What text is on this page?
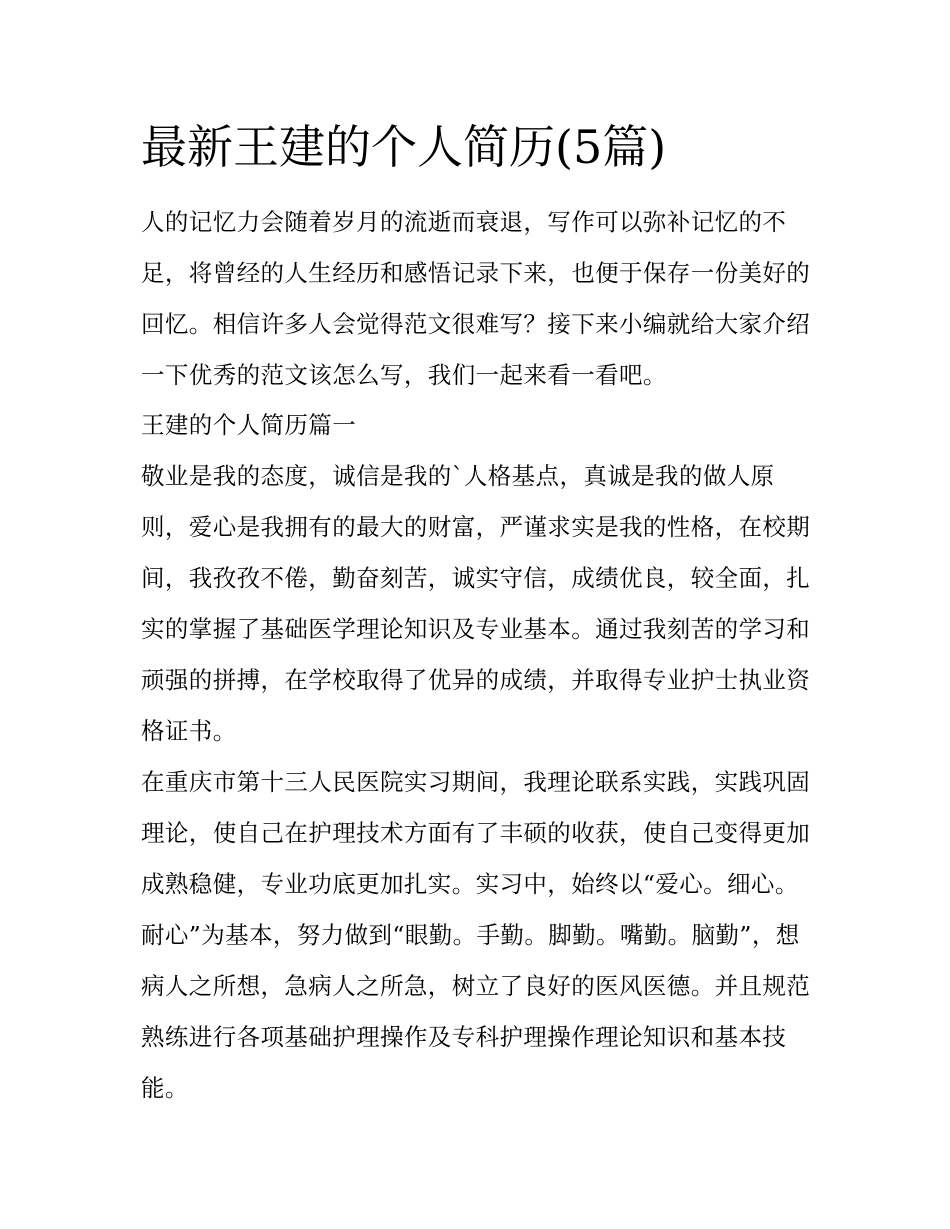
最新王建的个人简历(5篇)

人的记忆力会随着岁月的流逝而衰退，写作可以弥补记忆的不足，将曾经的人生经历和感悟记录下来，也便于保存一份美好的回忆。相信许多人会觉得范文很难写？接下来小编就给大家介绍一下优秀的范文该怎么写，我们一起来看一看吧。

王建的个人简历篇一

敬业是我的态度，诚信是我的`人格基点，真诚是我的做人原则，爱心是我拥有的最大的财富，严谨求实是我的性格，在校期间，我孜孜不倦，勤奋刻苦，诚实守信，成绩优良，较全面，扎实的掌握了基础医学理论知识及专业基本。通过我刻苦的学习和顽强的拼搏，在学校取得了优异的成绩，并取得专业护士执业资格证书。

在重庆市第十三人民医院实习期间，我理论联系实践，实践巩固理论，使自己在护理技术方面有了丰硕的收获，使自己变得更加成熟稳健，专业功底更加扎实。实习中，始终以“爱心。细心。耐心”为基本，努力做到“眼勤。手勤。脚勤。嘴勤。脑勤”，想病人之所想，急病人之所急，树立了良好的医风医德。并且规范熟练进行各项基础护理操作及专科护理操作理论知识和基本技能。
